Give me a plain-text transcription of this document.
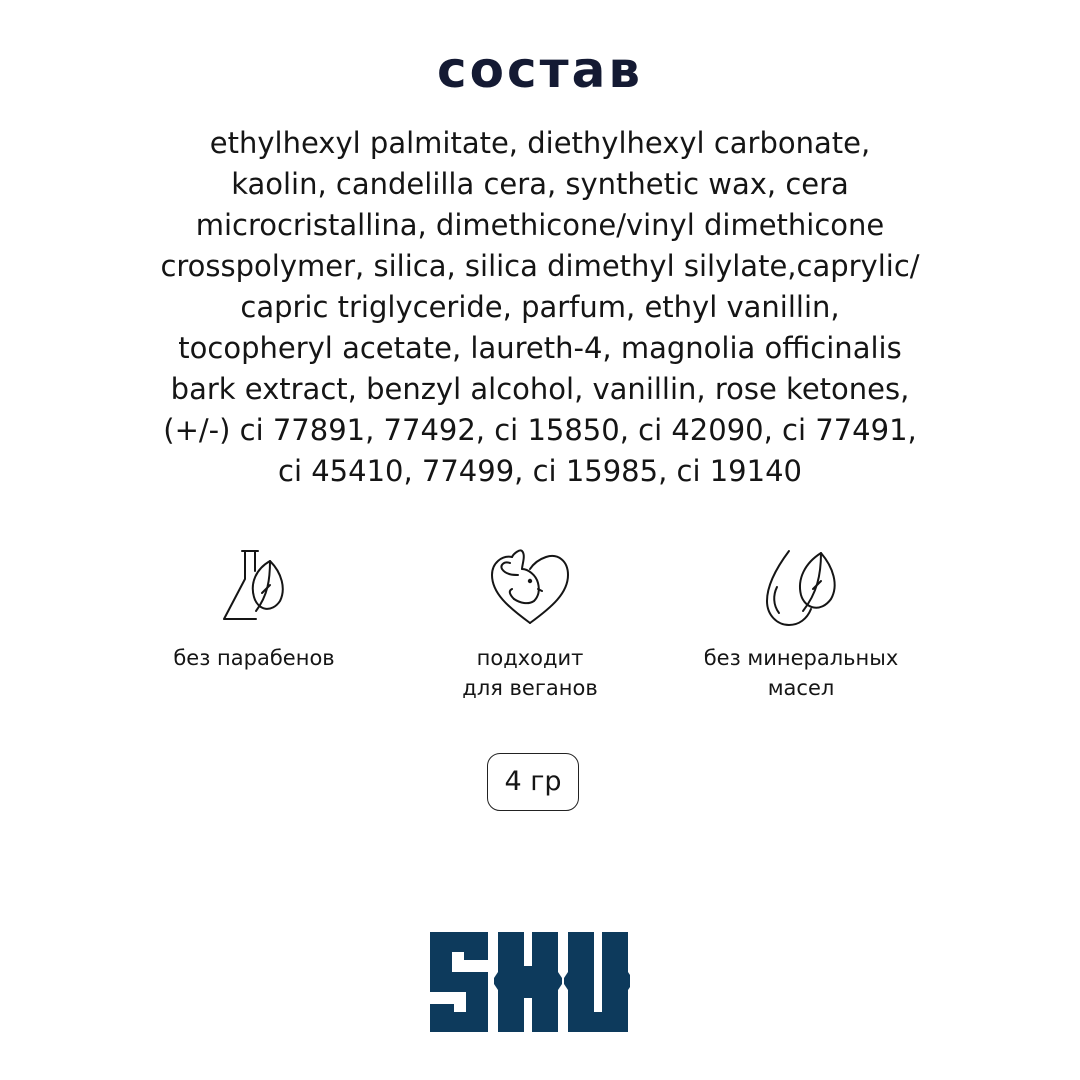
состав
ethylhexyl palmitate, diethylhexyl carbonate,
kaolin, candelilla cera, synthetic wax, cera
microcristallina, dimethicone/vinyl dimethicone
crosspolymer, silica, silica dimethyl silylate,caprylic/
capric triglyceride, parfum, ethyl vanillin,
tocopheryl acetate, laureth-4, magnolia officinalis
bark extract, benzyl alcohol, vanillin, rose ketones,
(+/-) ci 77891, 77492, ci 15850, ci 42090, ci 77491,
ci 45410, 77499, ci 15985, ci 19140
без парабенов	подходит
для веганов
без минеральных
масел
4 гр
